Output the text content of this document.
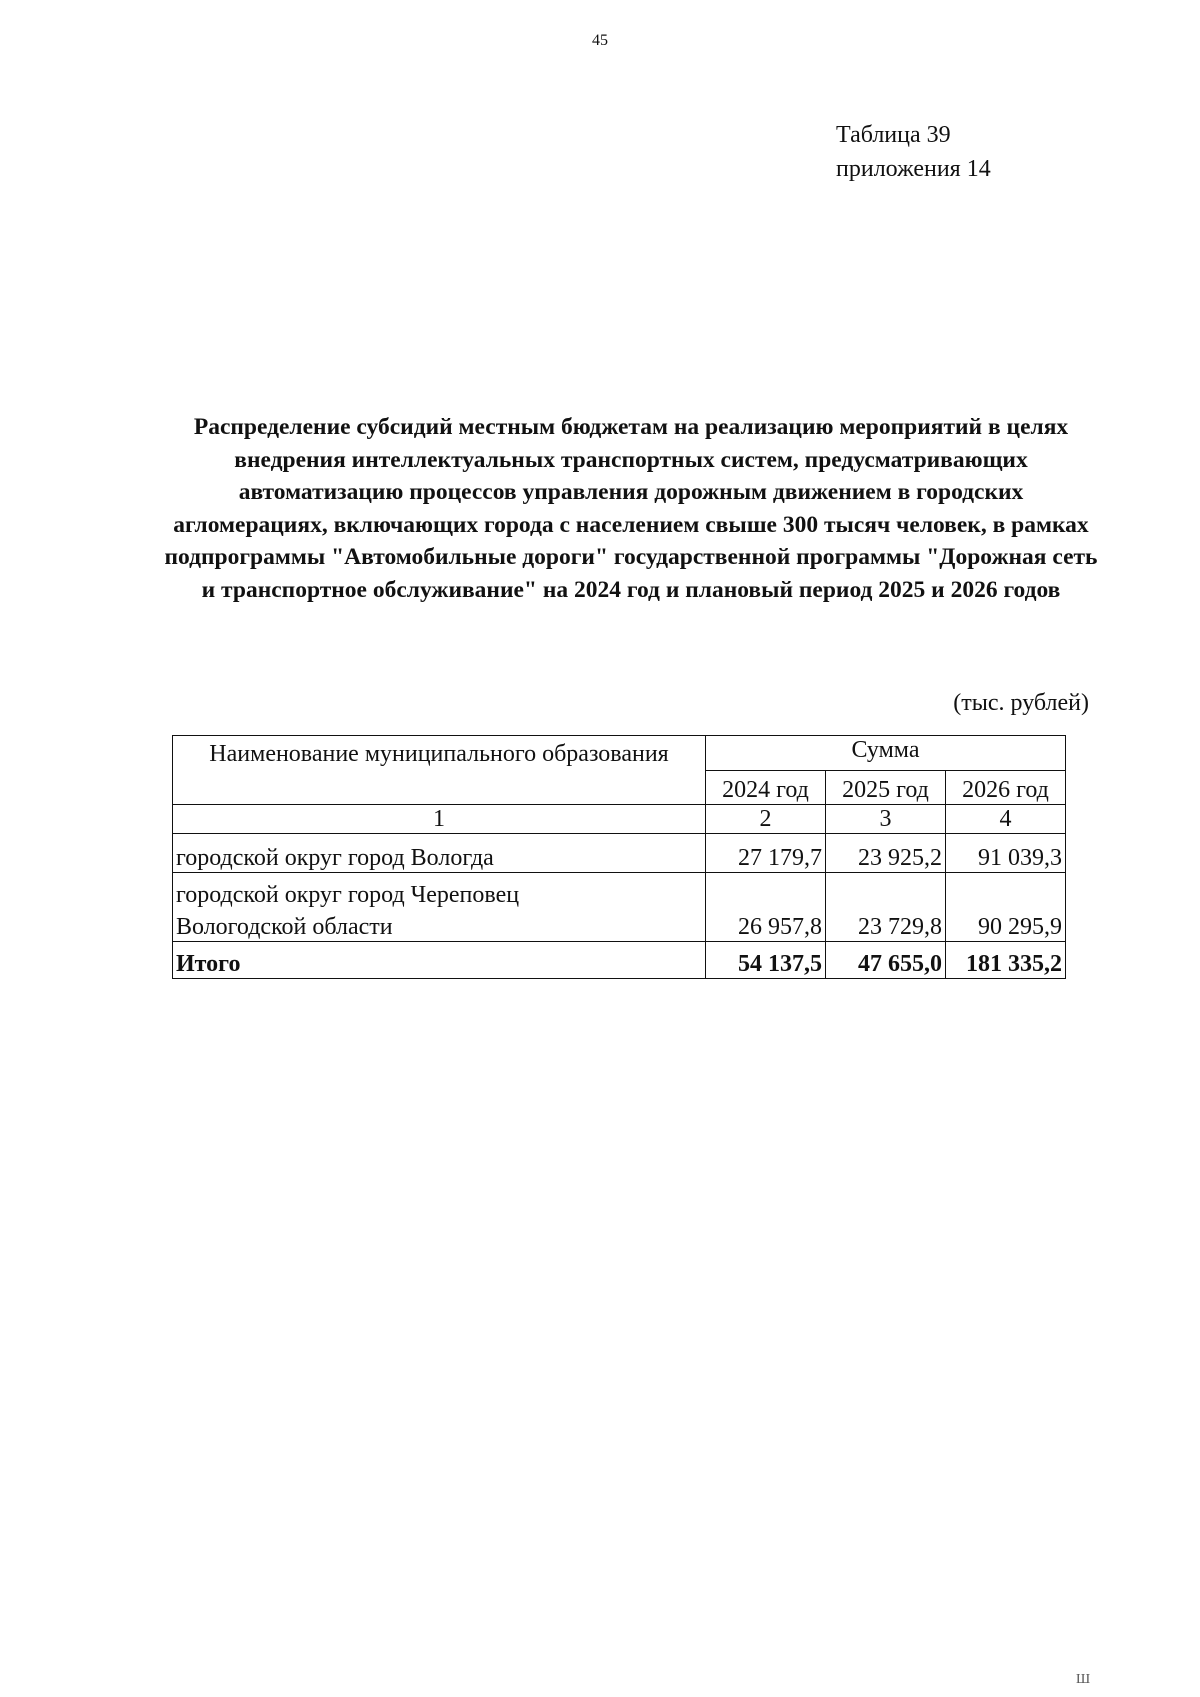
45
Таблица 39
приложения 14
Распределение субсидий местным бюджетам на реализацию мероприятий в целях внедрения интеллектуальных транспортных систем, предусматривающих автоматизацию процессов управления дорожным движением в городских агломерациях, включающих города с населением свыше 300 тысяч человек, в рамках подпрограммы "Автомобильные дороги" государственной программы "Дорожная сеть и транспортное обслуживание" на 2024 год и плановый период 2025 и 2026 годов
(тыс. рублей)
Наименование муниципального образования	Сумма		
	2024 год	2025 год	2026 год
1	2	3	4
городской округ город Вологда	27 179,7	23 925,2	91 039,3

городской округ город Череповец
Вологодской области	26 957,8	23 729,8	90 295,9
Итого	54 137,5	47 655,0	181 335,2
Ш
